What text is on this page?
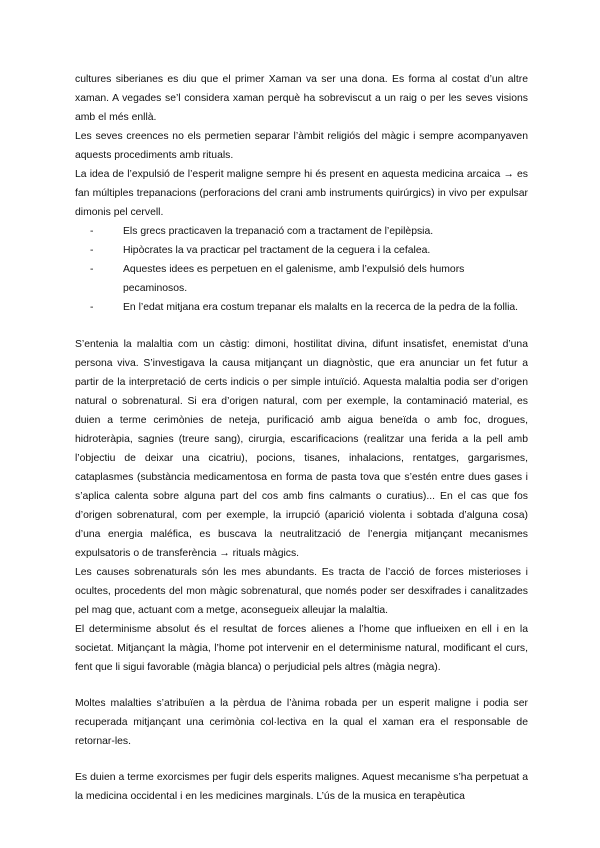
cultures siberianes es diu que el primer Xaman va ser una dona. Es forma al costat d’un altre xaman. A vegades se’l considera xaman perquè ha sobreviscut a un raig o per les seves visions amb el més enllà.

Les seves creences no els permetien separar l’àmbit religiós del màgic i sempre acompanyaven aquests procediments amb rituals.

La idea de l’expulsió de l’esperit maligne sempre hi és present en aquesta medicina arcaica → es fan múltiples trepanacions (perforacions del crani amb instruments quirúrgics) in vivo per expulsar dimonis pel cervell.

-	Els grecs practicaven la trepanació com a tractament de l’epilèpsia.
-	Hipòcrates la va practicar pel tractament de la ceguera i la cefalea.
-	Aquestes idees es perpetuen en el galenisme, amb l’expulsió dels humors pecaminosos.
-	En l’edat mitjana era costum trepanar els malalts en la recerca de la pedra de la follia.

S’entenia la malaltia com un càstig: dimoni, hostilitat divina, difunt insatisfet, enemistat d’una persona viva. S’investigava la causa mitjançant un diagnòstic, que era anunciar un fet futur a partir de la interpretació de certs indicis o per simple intuïció. Aquesta malaltia podia ser d’origen natural o sobrenatural. Si era d’origen natural, com per exemple, la contaminació material, es duien a terme cerimònies de neteja, purificació amb aigua beneïda o amb foc, drogues, hidroteràpia, sagnies (treure sang), cirurgia, escarificacions (realitzar una ferida a la pell amb l’objectiu de deixar una cicatriu), pocions, tisanes, inhalacions, rentatges, gargarismes, cataplasmes (substància medicamentosa en forma de pasta tova que s’estén entre dues gases i s’aplica calenta sobre alguna part del cos amb fins calmants o curatius)... En el cas que fos d’origen sobrenatural, com per exemple, la irrupció (aparició violenta i sobtada d’alguna cosa) d’una energia maléfica, es buscava la neutralització de l’energia mitjançant mecanismes expulsatoris o de transferència → rituals màgics.

Les causes sobrenaturals són les mes abundants. Es tracta de l’acció de forces misterioses i ocultes, procedents del mon màgic sobrenatural, que només poder ser desxifrades i canalitzades pel mag que, actuant com a metge, aconsegueix alleujar la malaltia.

El determinisme absolut és el resultat de forces alienes a l’home que influeixen en ell i en la societat. Mitjançant la màgia, l’home pot intervenir en el determinisme natural, modificant el curs, fent que li sigui favorable (màgia blanca) o perjudicial pels altres (màgia negra).

Moltes malalties s’atribuïen a la pèrdua de l’ànima robada per un esperit maligne i podia ser recuperada mitjançant una cerimònia col·lectiva en la qual el xaman era el responsable de retornar-les.

Es duien a terme exorcismes per fugir dels esperits malignes. Aquest mecanisme s’ha perpetuat a la medicina occidental i en les medicines marginals. L’ús de la musica en terapèutica
